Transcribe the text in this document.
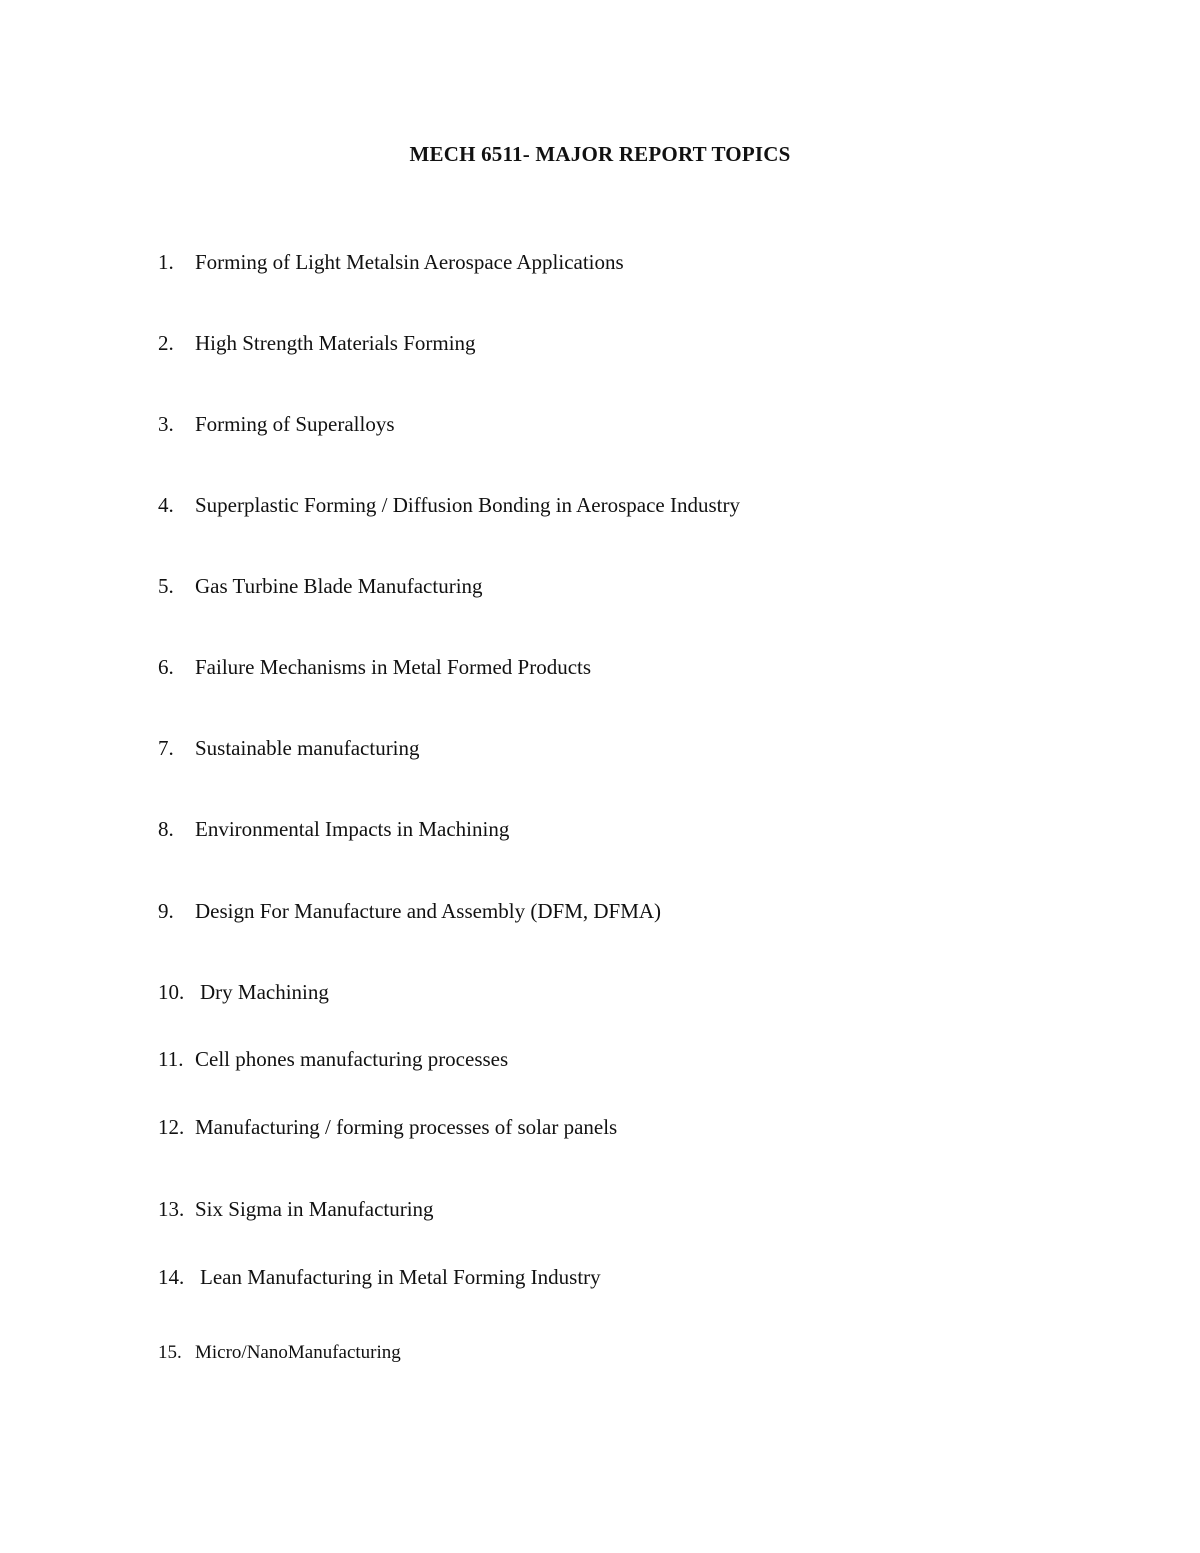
MECH 6511- MAJOR REPORT TOPICS
1. Forming of Light Metalsin Aerospace Applications
2. High Strength Materials Forming
3. Forming of Superalloys
4. Superplastic Forming / Diffusion Bonding in Aerospace Industry
5. Gas Turbine Blade Manufacturing
6. Failure Mechanisms in Metal Formed Products
7. Sustainable manufacturing
8. Environmental Impacts in Machining
9. Design For Manufacture and Assembly (DFM, DFMA)
10. Dry Machining
11. Cell phones manufacturing processes
12. Manufacturing / forming processes of solar panels
13. Six Sigma in Manufacturing
14. Lean Manufacturing in Metal Forming Industry
15. Micro/NanoManufacturing
